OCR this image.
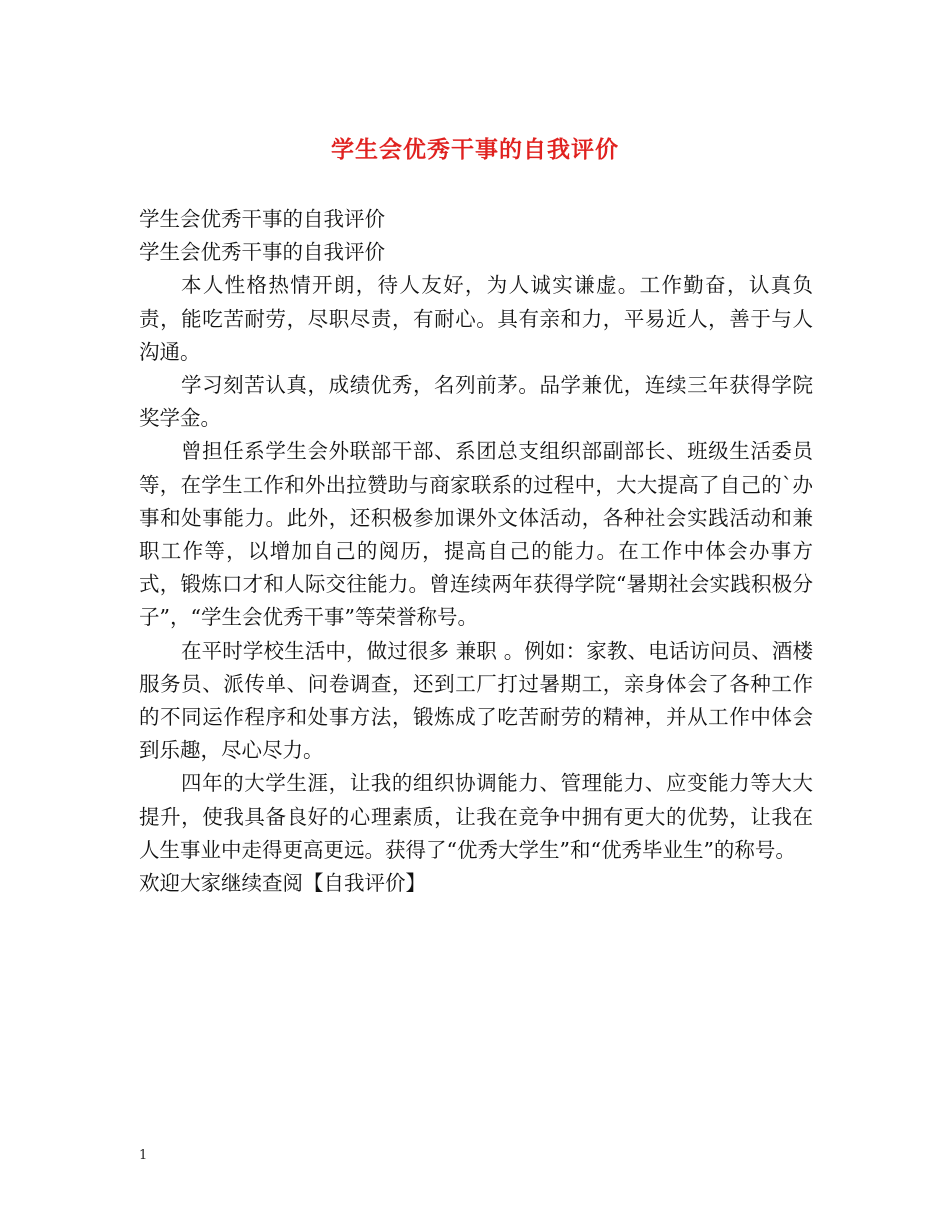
学生会优秀干事的自我评价

学生会优秀干事的自我评价

学生会优秀干事的自我评价

本人性格热情开朗，待人友好，为人诚实谦虚。工作勤奋，认真负责，能吃苦耐劳，尽职尽责，有耐心。具有亲和力，平易近人，善于与人沟通。

学习刻苦认真，成绩优秀，名列前茅。品学兼优，连续三年获得学院奖学金。

曾担任系学生会外联部干部、系团总支组织部副部长、班级生活委员等，在学生工作和外出拉赞助与商家联系的过程中，大大提高了自己的`办事和处事能力。此外，还积极参加课外文体活动，各种社会实践活动和兼职工作等，以增加自己的阅历，提高自己的能力。在工作中体会办事方式，锻炼口才和人际交往能力。曾连续两年获得学院“暑期社会实践积极分子”，“学生会优秀干事”等荣誉称号。

在平时学校生活中，做过很多 兼职 。例如：家教、电话访问员、酒楼服务员、派传单、问卷调查，还到工厂打过暑期工，亲身体会了各种工作的不同运作程序和处事方法，锻炼成了吃苦耐劳的精神，并从工作中体会到乐趣，尽心尽力。

四年的大学生涯，让我的组织协调能力、管理能力、应变能力等大大提升，使我具备良好的心理素质，让我在竞争中拥有更大的优势，让我在人生事业中走得更高更远。获得了“优秀大学生”和“优秀毕业生”的称号。

欢迎大家继续查阅【自我评价】

1
